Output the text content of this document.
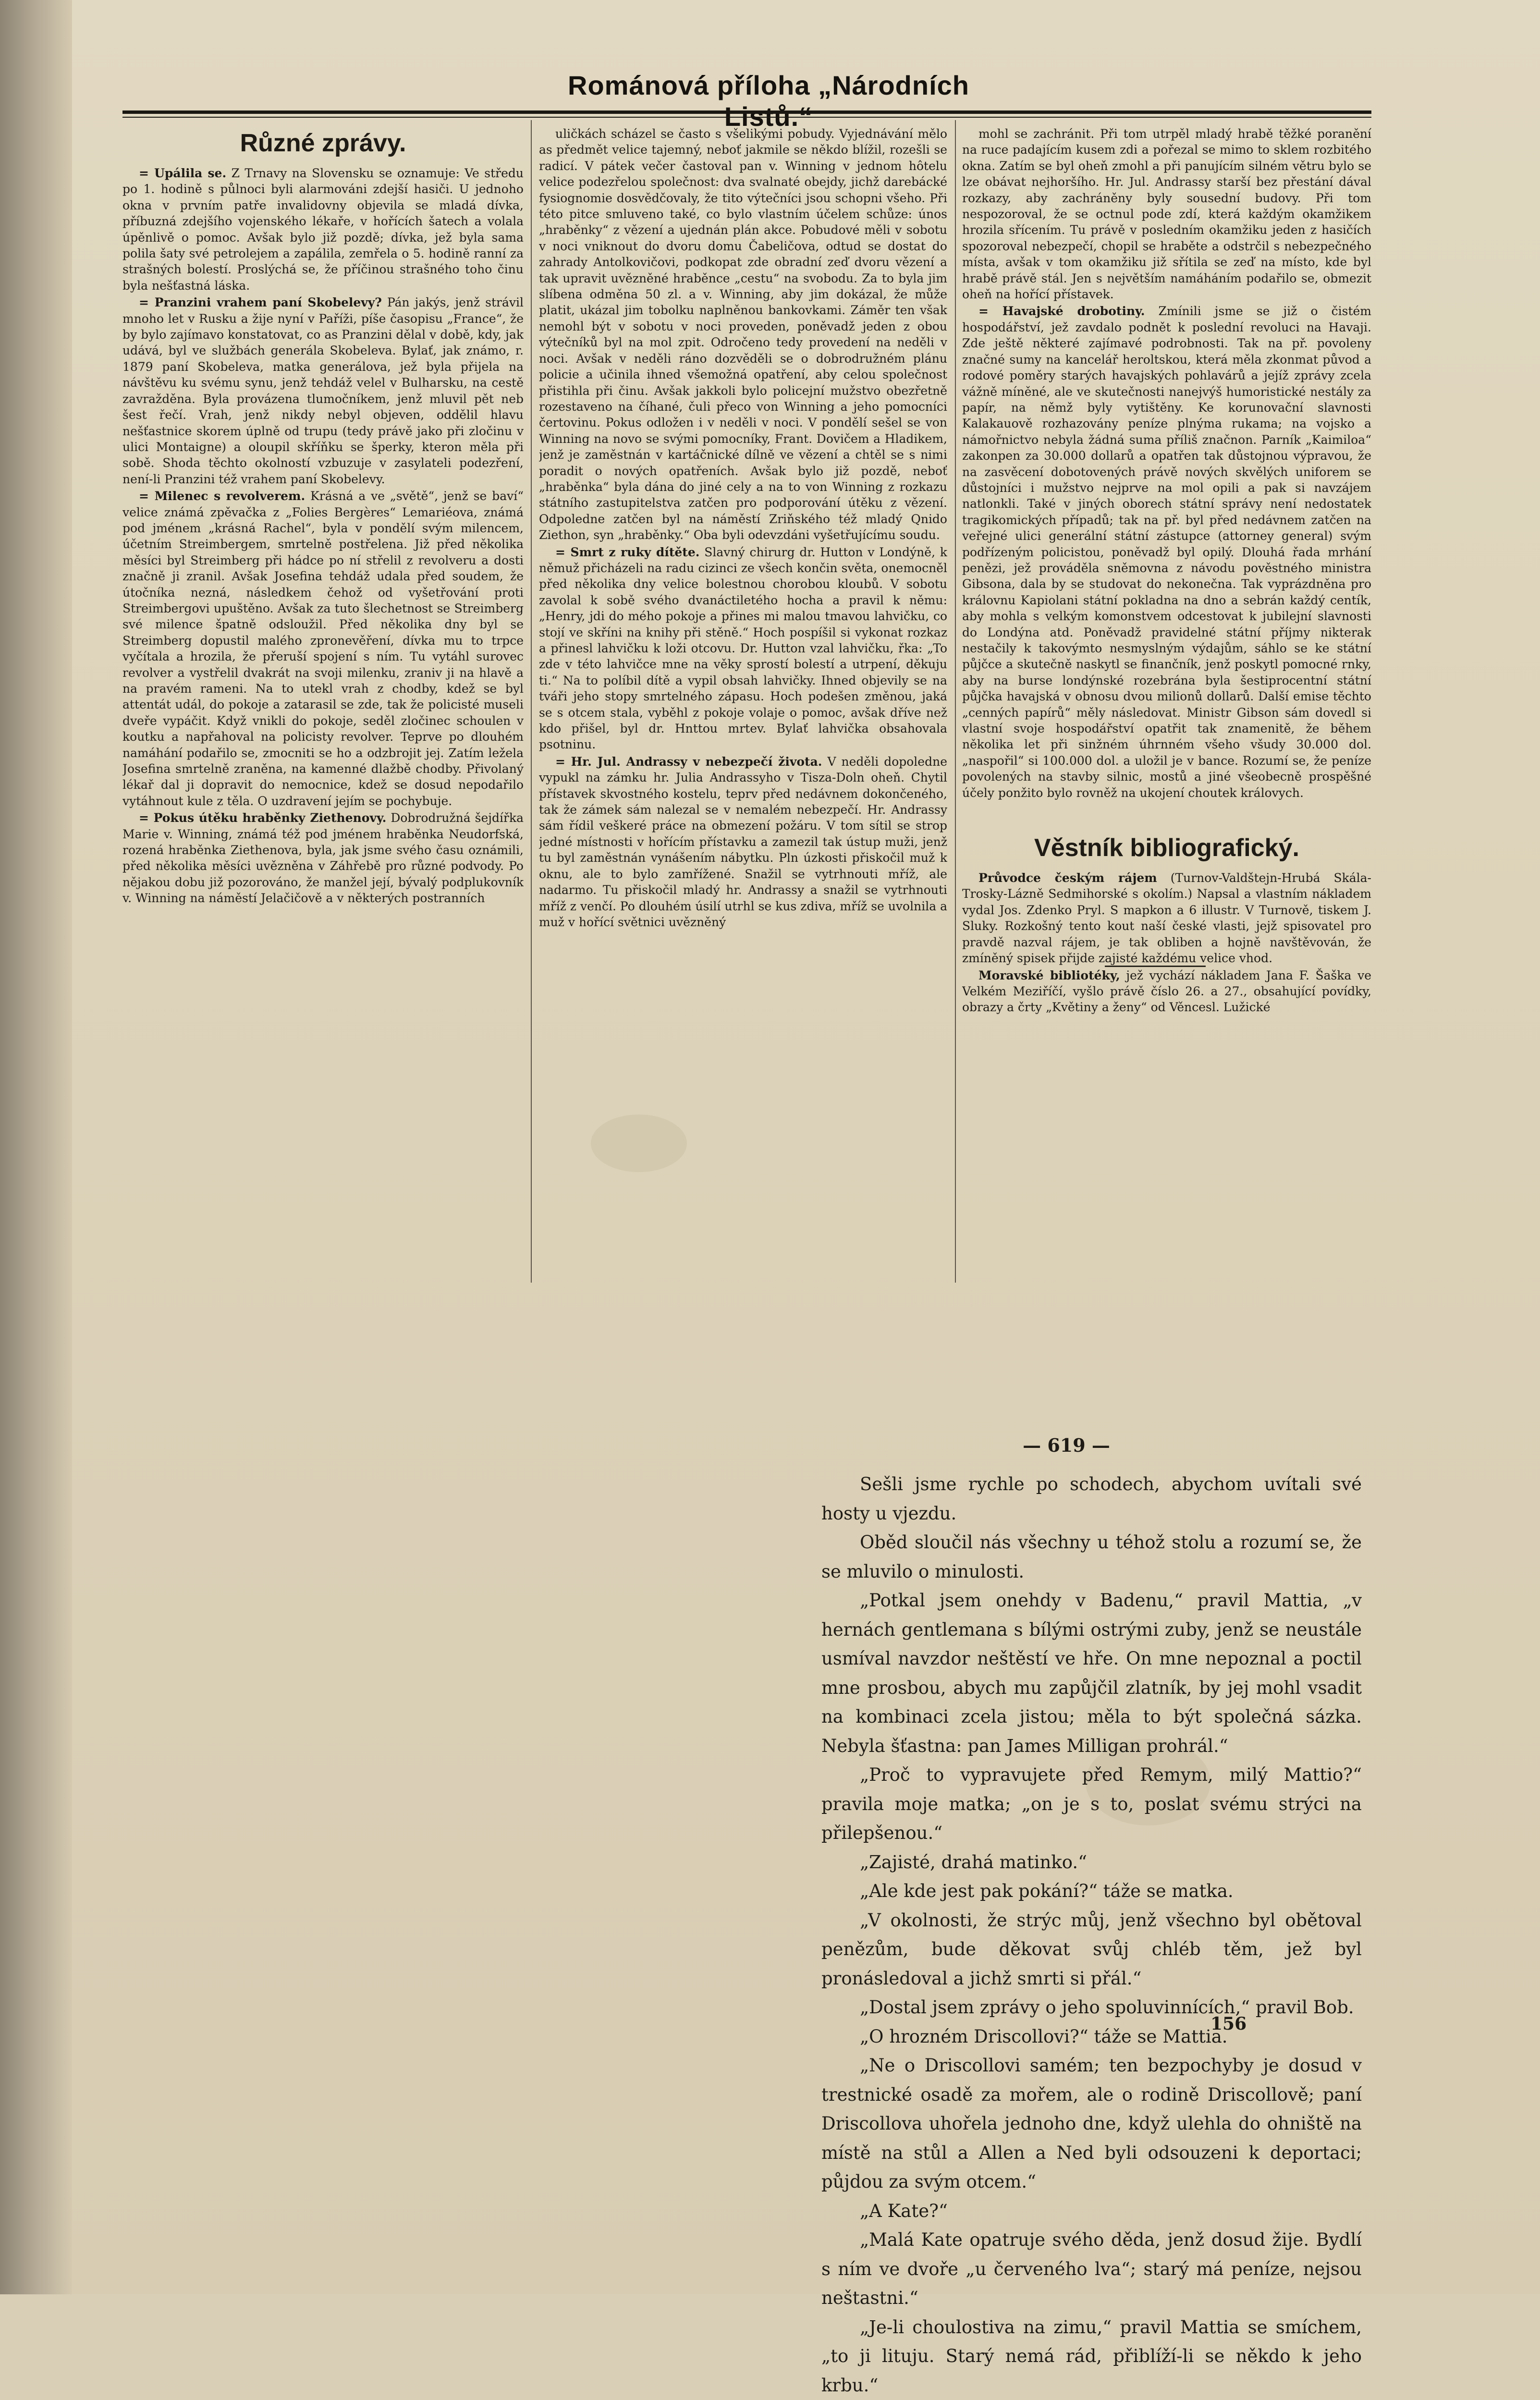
Románová příloha „Národních
Různé zprávy.

= Upálila se. Z Trnavy na Slovensku se oznamuje: Ve středu po 1. hodině s půlnoci byli alarmováni zdejší hasiči. U jednoho okna v prvním patře invalidovny objevila se mladá dívka, příbuzná zdejšího vojenského lékaře, v hořících šatech a volala úpěnlivě o pomoc. Avšak bylo již pozdě; dívka, jež byla sama polila šaty své petrolejem a zapálila, zemřela o 5. hodině ranní za strašných bolestí. Proslýchá se, že příčinou strašného toho činu byla nešťastná láska.

= Pranzini vrahem paní Skobelevy? Pán jakýs, jenž strávil mnoho let v Rusku a žije nyní v Paříži, píše časopisu „France“, že by bylo zajímavo konstatovat, co as Pranzini dělal v době, kdy, jak udává, byl ve službách generála Skobeleva. Bylať, jak známo, r. 1879 paní Skobeleva, matka generálova, jež byla přijela na návštěvu ku svému synu, jenž tehdáž velel v Bulharsku, na cestě zavražděna. Byla provázena tlumočníkem, jenž mluvil pět neb šest řečí. Vrah, jenž nikdy nebyl objeven, oddělil hlavu nešťastnice skorem úplně od trupu (tedy právě jako při zločinu v ulici Montaigne) a oloupil skříňku se šperky, kteron měla při sobě. Shoda těchto okolností vzbuzuje v zasylateli podezření, není-li Pranzini též vrahem paní Skobelevy.

= Milenec s revolverem. Krásná a ve „světě“, jenž se baví“ velice známá zpěvačka z „Folies Bergères“ Lemariéova, známá pod jménem „krásná Rachel“, byla v pondělí svým milencem, účetním Streimbergem, smrtelně postřelena. Již před několika měsíci byl Streimberg při hádce po ní střelil z revolveru a dosti značně ji zranil. Avšak Josefina tehdáž udala před soudem, že útočníka nezná, následkem čehož od vyšetřování proti Streimbergovi upuštěno. Avšak za tuto šlechetnost se Streimberg své milence špatně odsloužil. Před několika dny byl se Streimberg dopustil malého zpronevěření, dívka mu to trpce vyčítala a hrozila, že přeruší spojení s ním. Tu vytáhl surovec revolver a vystřelil dvakrát na svoji milenku, zraniv ji na hlavě a na pravém rameni. Na to utekl vrah z chodby, kdež se byl attentát udál, do pokoje a zatarasil se zde, tak že policisté museli dveře vypáčit. Když vnikli do pokoje, seděl zločinec schoulen v koutku a napřahoval na policisty revolver. Teprve po dlouhém namáhání podařilo se, zmocniti se ho a odzbrojit jej. Zatím ležela Josefina smrtelně zraněna, na kamenné dlažbě chodby. Přivolaný lékař dal ji dopravit do nemocnice, kdež se dosud nepodařilo vytáhnout kule z těla. O uzdravení jejím se pochybuje.

= Pokus útěku hraběnky Ziethenovy. Dobrodružná šejdířka Marie v. Winning, známá též pod jménem hraběnka Neudorfská, rozená hraběnka Ziethenova, byla, jak jsme svého času oznámili, před několika měsíci uvězněna v Záhřebě pro různé podvody. Po nějakou dobu již pozorováno, že manžel její, bývalý podplukovník v. Winning na náměstí Jelačičově a v některých postranních

uličkách scházel se často s všelikými pobudy. Vyjednávání mělo as předmět velice tajemný, neboť jakmile se někdo blížil, rozešli se radicí. V pátek večer častoval pan v. Winning v jednom hôtelu velice podezřelou společnost: dva svalnaté obejdy, jichž darebácké fysiognomie dosvědčovaly, že tito výtečníci jsou schopni všeho. Při této pitce smluveno také, co bylo vlastním účelem schůze: únos „hraběnky“ z vězení a ujednán plán akce. Pobudové měli v sobotu v noci vniknout do dvoru domu Čabeličova, odtud se dostat do zahrady Antolkovičovi, podkopat zde obradní zeď dvoru vězení a tak upravit uvězněné hraběnce „cestu“ na svobodu. Za to byla jim slíbena odměna 50 zl. a v. Winning, aby jim dokázal, že může platit, ukázal jim tobolku naplněnou bankovkami. Záměr ten však nemohl být v sobotu v noci proveden, poněvadž jeden z obou výtečníků byl na mol zpit. Odročeno tedy provedení na neděli v noci. Avšak v neděli ráno dozvěděli se o dobrodružném plánu policie a učinila ihned všemožná opatření, aby celou společnost přistihla při činu. Avšak jakkoli bylo policejní mužstvo obezřetně rozestaveno na číhané, čuli přeco von Winning a jeho pomocníci čertovinu. Pokus odložen i v neděli v noci. V pondělí sešel se von Winning na novo se svými pomocníky, Frant. Dovičem a Hladikem, jenž je zaměstnán v kartáčnické dílně ve vězení a chtěl se s nimi poradit o nových opatřeních. Avšak bylo již pozdě, neboť „hraběnka“ byla dána do jiné cely a na to von Winning z rozkazu státního zastupitelstva zatčen pro podporování útěku z vězení. Odpoledne zatčen byl na náměstí Zriňského též mladý Qnido Ziethon, syn „hraběnky.“ Oba byli odevzdáni vyšetřujícímu soudu.

= Smrt z ruky dítěte. Slavný chirurg dr. Hutton v Londýně, k němuž přicházeli na radu cizinci ze všech končin světa, onemocněl před několika dny velice bolestnou chorobou kloubů. V sobotu zavolal k sobě svého dvanáctiletého hocha a pravil k němu: „Henry, jdi do mého pokoje a přines mi malou tmavou lahvičku, co stojí ve skříni na knihy při stěně.“ Hoch pospíšil si vykonat rozkaz a přinesl lahvičku k loži otcovu. Dr. Hutton vzal lahvičku, řka: „To zde v této lahvičce mne na věky sprostí bolestí a utrpení, děkuju ti.“ Na to políbil dítě a vypil obsah lahvičky. Ihned objevily se na tváři jeho stopy smrtelného zápasu. Hoch podešen změnou, jaká se s otcem stala, vyběhl z pokoje volaje o pomoc, avšak dříve než kdo přišel, byl dr. Hnttou mrtev. Bylať lahvička obsahovala psotninu.

= Hr. Jul. Andrassy v nebezpečí života. V neděli dopoledne vypukl na zámku hr. Julia Andrassyho v Tisza-Doln oheň. Chytil přístavek skvostného kostelu, teprv před nedávnem dokončeného, tak že zámek sám nalezal se v nemalém nebezpečí. Hr. Andrassy sám řídil veškeré práce na obmezení požáru. V tom sítil se strop jedné místnosti v hořícím přístavku a zamezil tak ústup muži, jenž tu byl zaměstnán vynášením nábytku. Pln úzkosti přiskočil muž k oknu, ale to bylo zamřížené. Snažil se vytrhnouti mříž, ale nadarmo. Tu přiskočil mladý hr. Andrassy a snažil se vytrhnouti mříž z venčí. Po dlouhém úsilí utrhl se kus zdiva, mříž se uvolnila a muž v hořící světnici uvězněný

mohl se zachránit. Při tom utrpěl mladý hrabě těžké poranění na ruce padajícím kusem zdi a pořezal se mimo to sklem rozbitého okna. Zatím se byl oheň zmohl a při panujícím silném větru bylo se lze obávat nejhoršího. Hr. Jul. Andrassy starší bez přestání dával rozkazy, aby zachráněny byly sousední budovy. Při tom nespozoroval, že se octnul pode zdí, která každým okamžikem hrozila sřícením. Tu právě v posledním okamžiku jeden z hasičích spozoroval nebezpečí, chopil se hraběte a odstrčil s nebezpečného místa, avšak v tom okamžiku již sřítila se zeď na místo, kde byl hrabě právě stál. Jen s největším namáháním podařilo se, obmezit oheň na hořící přístavek.

= Havajské drobotiny. Zmínili jsme se již o čistém hospodářství, jež zavdalo podnět k poslední revoluci na Havaji. Zde ještě některé zajímavé podrobnosti. Tak na př. povoleny značné sumy na kancelář heroltskou, která měla zkonmat původ a rodové poměry starých havajských pohlavárů a jejíž zprávy zcela vážně míněné, ale ve skutečnosti nanejvýš humoristické nestály za papír, na němž byly vytištěny. Ke korunovační slavnosti Kalakauově rozhazovány peníze plnýma rukama; na vojsko a námořnictvo nebyla žádná suma příliš značnon. Parník „Kaimiloa“ zakonpen za 30.000 dollarů a opatřen tak důstojnou výpravou, že na zasvěcení dobotovených právě nových skvělých uniforem se důstojníci i mužstvo nejprve na mol opili a pak si navzájem natlonkli. Také v jiných oborech státní správy není nedostatek tragikomických případů; tak na př. byl před nedávnem zatčen na veřejné ulici generální státní zástupce (attorney general) svým podřízeným policistou, poněvadž byl opilý. Dlouhá řada mrhání penězi, jež prováděla sněmovna z návodu pověstného ministra Gibsona, dala by se studovat do nekonečna. Tak vyprázdněna pro královnu Kapiolani státní pokladna na dno a sebrán každý centík, aby mohla s velkým komonstvem odcestovat k jubilejní slavnosti do Londýna atd. Poněvadž pravidelné státní příjmy nikterak nestačily k takovýmto nesmyslným výdajům, sáhlo se ke státní půjčce a skutečně naskytl se finančník, jenž poskytl pomocné rnky, aby na burse londýnské rozebrána byla šestiprocentní státní půjčka havajská v obnosu dvou milionů dollarů. Další emise těchto „cenných papírů“ měly následovat. Ministr Gibson sám dovedl si vlastní svoje hospodářství opatřit tak znamenitě, že během několika let při sinžném úhrnném všeho všudy 30.000 dol. „naspořil“ si 100.000 dol. a uložil je v bance. Rozumí se, že peníze povolených na stavby silnic, mostů a jiné všeobecně prospěšné účely ponžito bylo rovněž na ukojení choutek královych.

Věstník bibliografický.

Průvodce českým rájem (Turnov-Valdštejn-Hrubá Skála-Trosky-Lázně Sedmihorské s okolím.) Napsal a vlastním nákladem vydal Jos. Zdenko Pryl. S mapkon a 6 illustr. V Turnově, tiskem J. Sluky. Rozkošný tento kout naší české vlasti, jejž spisovatel pro pravdě nazval rájem, je tak obliben a hojně navštěvován, že zmíněný spisek přijde zajisté každému velice vhod.

Moravské bibliotéky, jež vychází nákladem Jana F. Šaška ve Velkém Meziříčí, vyšlo právě číslo 26. a 27., obsahující povídky, obrazy a črty „Květiny a ženy“ od Věncesl. Lužické

— 619 —

Sešli jsme rychle po schodech, abychom uvítali své hosty u vjezdu.

Oběd sloučil nás všechny u téhož stolu a rozumí se, že se mluvilo o minulosti.

„Potkal jsem onehdy v Badenu,“ pravil Mattia, „v hernách gentlemana s bílými ostrými zuby, jenž se neustále usmíval navzdor neštěstí ve hře. On mne nepoznal a poctil mne prosbou, abych mu zapůjčil zlatník, by jej mohl vsadit na kombinaci zcela jistou; měla to být společná sázka. Nebyla šťastna: pan James Milligan prohrál.“

„Proč to vypravujete před Remym, milý Mattio?“ pravila moje matka; „on je s to, poslat svému strýci na přilepšenou.“

„Zajisté, drahá matinko.“

„Ale kde jest pak pokání?“ táže se matka.

„V okolnosti, že strýc můj, jenž všechno byl obětoval penězům, bude děkovat svůj chléb těm, jež byl pronásledoval a jichž smrti si přál.“

„Dostal jsem zprávy o jeho spoluvinnících,“ pravil Bob.

„O hrozném Driscollovi?“ táže se Mattia.

„Ne o Driscollovi samém; ten bezpochyby je dosud v trestnické osadě za mořem, ale o rodině Driscollově; paní Driscollova uhořela jednoho dne, když ulehla do ohniště na místě na stůl a Allen a Ned byli odsouzeni k deportaci; půjdou za svým otcem.“

„A Kate?“

„Malá Kate opatruje svého děda, jenž dosud žije. Bydlí s ním ve dvoře „u červeného lva“; starý má peníze, nejsou neštastni.“

„Je-li choulostiva na zimu,“ pravil Mattia se smíchem, „to ji lituju. Starý nemá rád, přiblíží-li se někdo k jeho krbu.“

156
